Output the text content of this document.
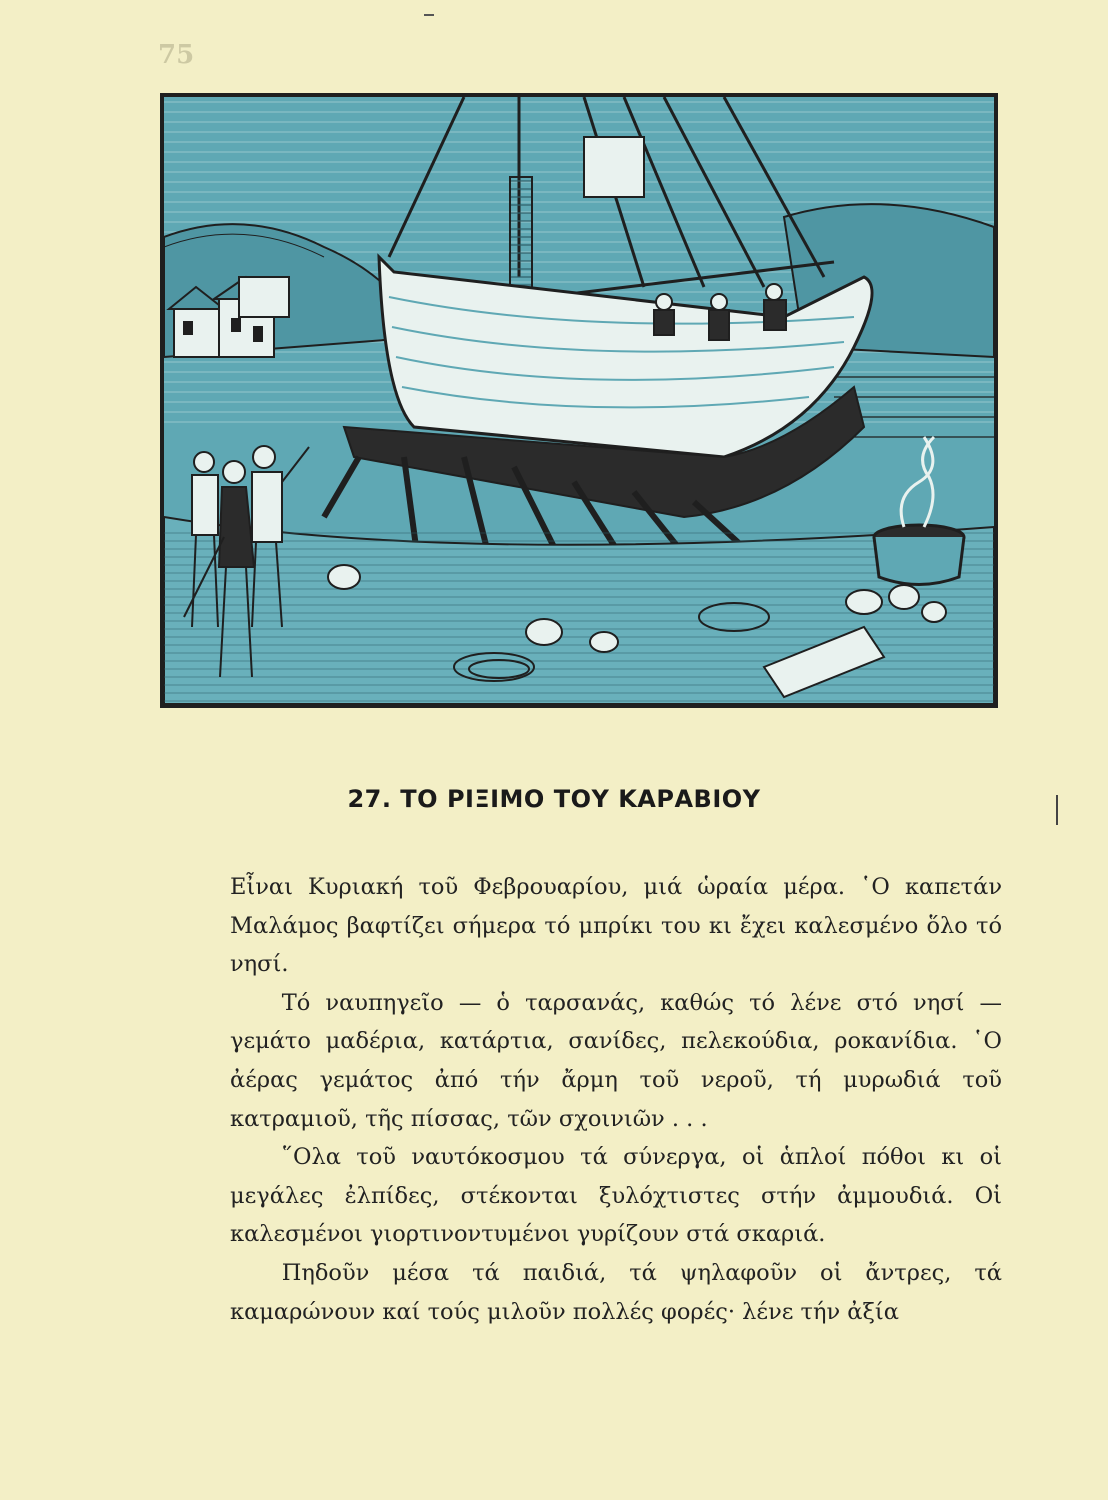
75

27. ΤΟ ΡΙΞΙΜΟ ΤΟΥ ΚΑΡΑΒΙΟΥ

Εἶναι Κυριακή τοῦ Φεβρουαρίου, μιά ὡραία μέρα. ῾Ο καπετάν Μαλάμος βαφτίζει σήμερα τό μπρίκι του κι ἔχει καλεσμένο ὅλο τό νησί.

Τό ναυπηγεῖο — ὁ ταρσανάς, καθώς τό λένε στό νησί — γεμάτο μαδέρια, κατάρτια, σανίδες, πελεκούδια, ροκανίδια. ῾Ο ἀέρας γεμάτος ἀπό τήν ἄρμη τοῦ νεροῦ, τή μυρωδιά τοῦ κατραμιοῦ, τῆς πίσσας, τῶν σχοινιῶν . . .

῞Ολα τοῦ ναυτόκοσμου τά σύνεργα, οἱ ἁπλοί πόθοι κι οἱ μεγάλες ἐλπίδες, στέκονται ξυλόχτιστες στήν ἀμμουδιά. Οἱ καλεσμένοι γιορτινοντυμένοι γυρίζουν στά σκαριά.

Πηδοῦν μέσα τά παιδιά, τά ψηλαφοῦν οἱ ἄντρες, τά καμαρώνουν καί τούς μιλοῦν πολλές φορές· λένε τήν ἀξία
